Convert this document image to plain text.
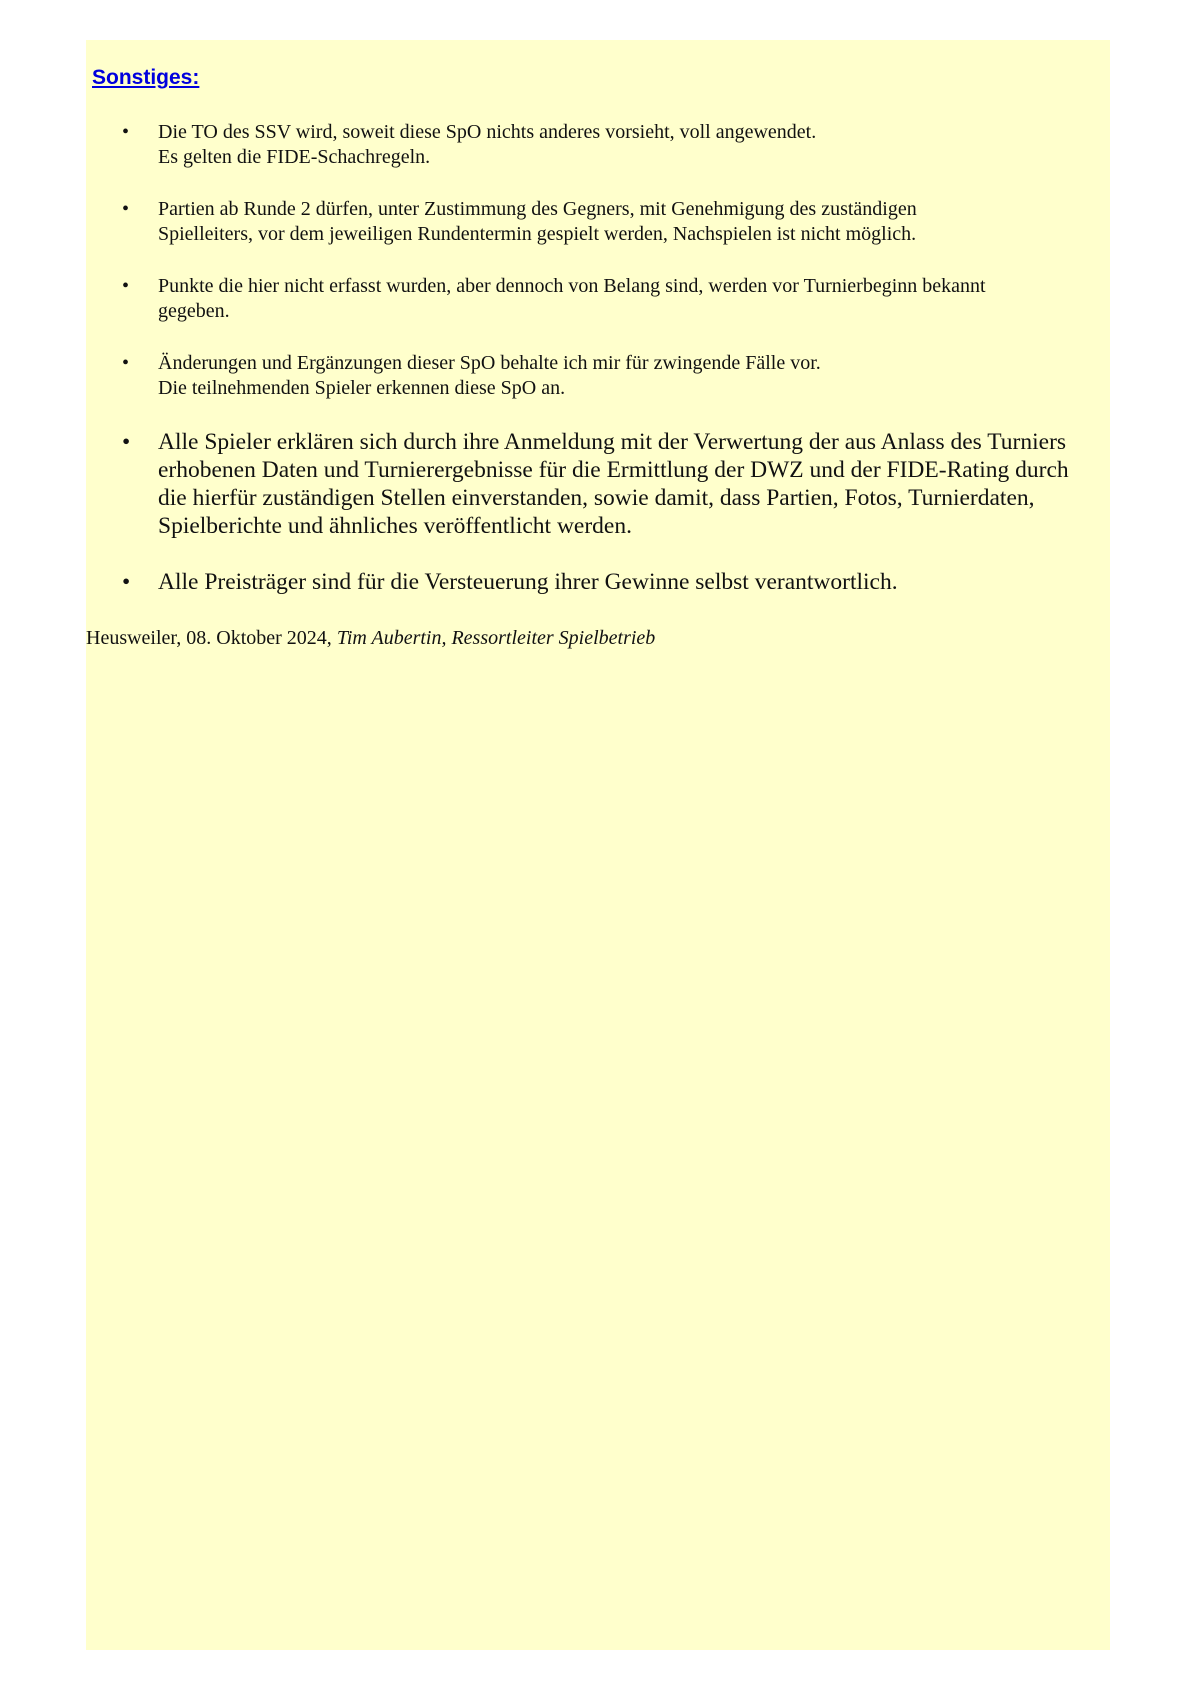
Sonstiges:
• Die TO des SSV wird, soweit diese SpO nichts anderes vorsieht, voll angewendet.
Es gelten die FIDE-Schachregeln.
• Partien ab Runde 2 dürfen, unter Zustimmung des Gegners, mit Genehmigung des zuständigen
Spielleiters, vor dem jeweiligen Rundentermin gespielt werden, Nachspielen ist nicht möglich.
• Punkte die hier nicht erfasst wurden, aber dennoch von Belang sind, werden vor Turnierbeginn bekannt
gegeben.
• Änderungen und Ergänzungen dieser SpO behalte ich mir für zwingende Fälle vor.
Die teilnehmenden Spieler erkennen diese SpO an.
• Alle Spieler erklären sich durch ihre Anmeldung mit der Verwertung der aus Anlass des Turniers
erhobenen Daten und Turnierergebnisse für die Ermittlung der DWZ und der FIDE-Rating durch
die hierfür zuständigen Stellen einverstanden, sowie damit, dass Partien, Fotos, Turnierdaten,
Spielberichte und ähnliches veröffentlicht werden.
• Alle Preisträger sind für die Versteuerung ihrer Gewinne selbst verantwortlich.

Heusweiler, 08. Oktober 2024, Tim Aubertin, Ressortleiter Spielbetrieb
